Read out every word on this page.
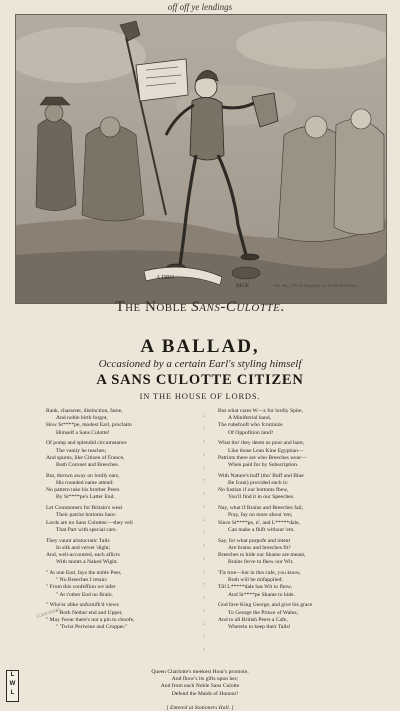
off off ye lendings
A DRO
REGE	Pub. May 1792 H. Humphrey No 18 Old Bond Street
The Noble Sans-Culotte.
A BALLAD,
Occasioned by a certain Earl's styling himself
A SANS CULOTTE CITIZEN
IN THE HOUSE OF LORDS.
Rank, character, distinction, fame,
And noble birth forgot,
How St****pe, modest Earl, proclaim
Himself a Sans Culotte!
Of pomp and splendid circumstance
The vanity he teaches;
And spurns, like Citizen of France,
Both Coronet and Breeches.
But, thrown away on lordly ears,
His rounded name attend:
No pattern take his brother Peers
By St****pe's Latter End.
Let Commoners for Britain's weal
Their patriot bottoms bare:
Lords are no Sans Culottes:—they veil
That Part with special care.
They vaunt aristocratic Tails
In silk and velvet 'dight;
And, well-accoutred, each aflicts
With taunts a Naked Wight.
" At one End, fays the noble Peer,
" No Breeches I retain:
" From this confeffion we infer
" At t'other End no Brain.
" Who'er alike unfurnifh'd views
" Both Nether end and Upper,
" May fwear there's not a pin to choofe,
" 'Twixt Periwine and Crupper."
:
:
:
:
:
:
:
:
:
:
:
:
:
:
:
:
:
:
:
But what cares W—z for lordly Spite,
A Minifterial band,
The rubefooft who fcrutinize
Of Oppofition land?
What tho' they deem us poor and bare,
Like those Lean Kine Egyptian—
Patriots there are who Breeches wear—
When paid for by Subscription.
With Nature's buff (tho' Buff and Blue
Be fcant) provided each is:
No fustian if our bottoms fhew,
You'll find it in our Speeches.
Nay, what if Brains and Breeches fail,
Pray, fay no more about 'em;
Since St****pe, n', and L*****dale,
Can make a fhift without 'em.
Say, for what purpofe and intent
Are brains and breeches fit?
Breeches to hide our Shame are meant,
Brains ferve to fhew our Wit.
'Tis true—but in this cafe, you know,
Both will be mifapplied:
Till L*****dale has Wit to fhow,
And St****pe Shame to hide.
God fave King George, and give his grace
To George the Prince of Wales;
And to all British Peers a Cafe,
Wherein to keep their Tails!
Queen Charlotte's meekest Hour's promote,
And fhow's its gifts upon her;
And from each Noble Sans Culotte
Defend the Maids of Honour!
[ Entered at Stationers Hall. ]
(Caricature)
L
W
L
